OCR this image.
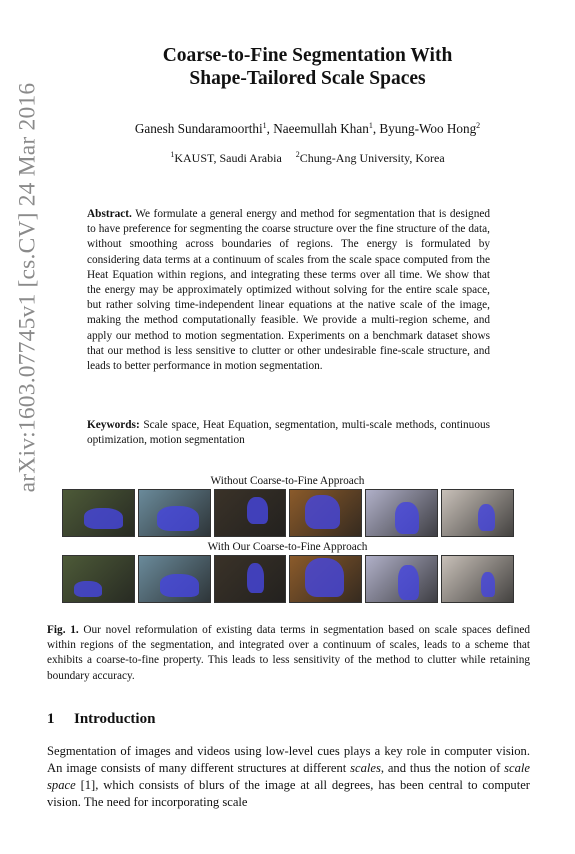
arXiv:1603.07745v1 [cs.CV] 24 Mar 2016
Coarse-to-Fine Segmentation With
Shape-Tailored Scale Spaces
Ganesh Sundaramoorthi$^1$, Naeemullah Khan$^1$, Byung-Woo Hong$^2$
$^1$KAUST, Saudi Arabia $^2$Chung-Ang University, Korea
Abstract. We formulate a general energy and method for segmentation that is designed to have preference for segmenting the coarse structure over the fine structure of the data, without smoothing across boundaries of regions. The energy is formulated by considering data terms at a continuum of scales from the scale space computed from the Heat Equation within regions, and integrating these terms over all time. We show that the energy may be approximately optimized without solving for the entire scale space, but rather solving time-independent linear equations at the native scale of the image, making the method computationally feasible. We provide a multi-region scheme, and apply our method to motion segmentation. Experiments on a benchmark dataset shows that our method is less sensitive to clutter or other undesirable fine-scale structure, and leads to better performance in motion segmentation.
Keywords: Scale space, Heat Equation, segmentation, multi-scale methods, continuous optimization, motion segmentation
Without Coarse-to-Fine Approach
With Our Coarse-to-Fine Approach
Fig. 1. Our novel reformulation of existing data terms in segmentation based on scale spaces defined within regions of the segmentation, and integrated over a continuum of scales, leads to a scheme that exhibits a coarse-to-fine property. This leads to less sensitivity of the method to clutter while retaining boundary accuracy.
1 Introduction
Segmentation of images and videos using low-level cues plays a key role in computer vision. An image consists of many different structures at different scales, and thus the notion of scale space [1], which consists of blurs of the image at all degrees, has been central to computer vision. The need for incorporating scale
